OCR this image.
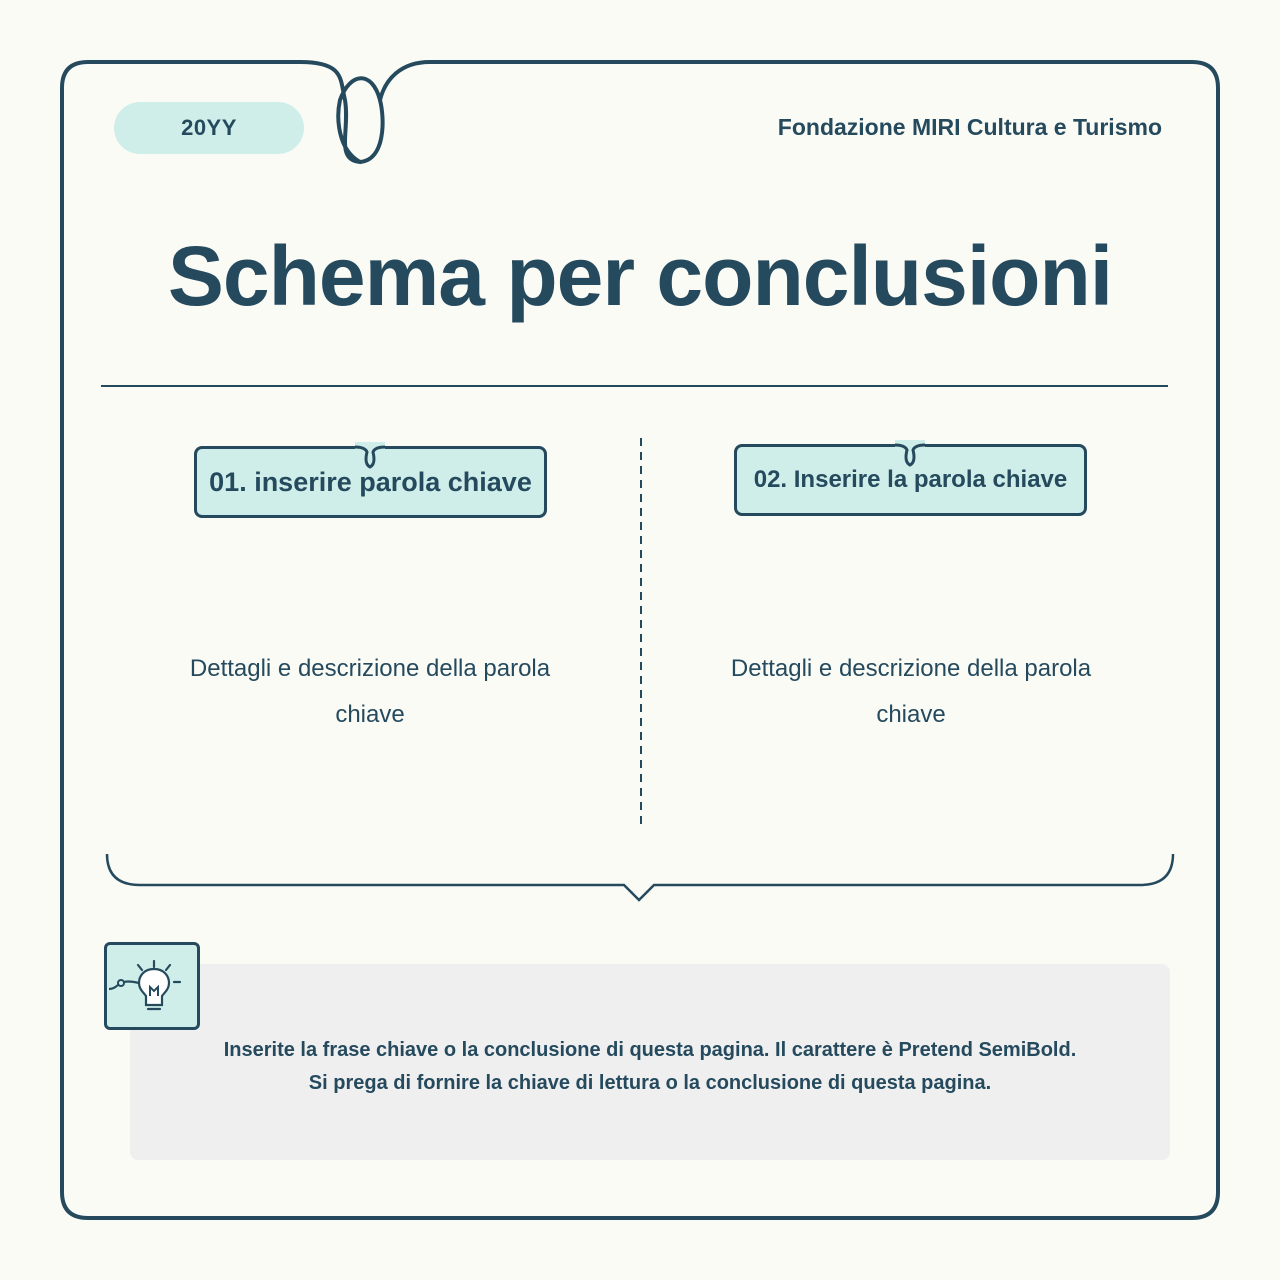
20YY	Fondazione MIRI Cultura e Turismo
Schema per conclusioni
01. inserire parola chiave
Dettagli e descrizione della parola chiave
02. Inserire la parola chiave
Dettagli e descrizione della parola chiave
Inserite la frase chiave o la conclusione di questa pagina. Il carattere è Pretend SemiBold.
Si prega di fornire la chiave di lettura o la conclusione di questa pagina.
